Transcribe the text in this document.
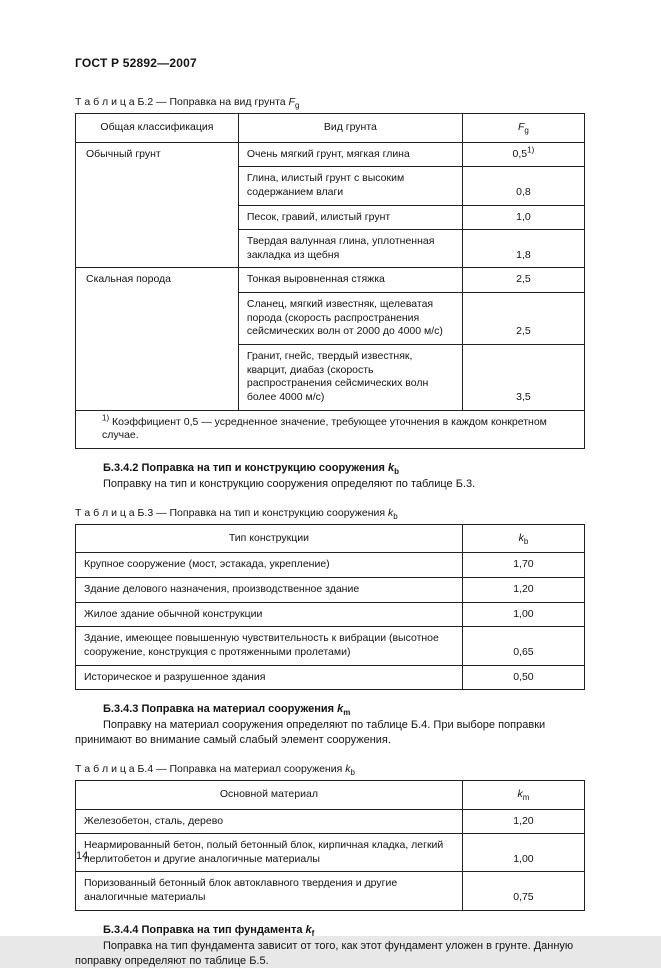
ГОСТ Р 52892—2007

Т а б л и ц а Б.2 — Поправка на вид грунта $F_g$

Общая классификация	Вид грунта	$F_g$
Обычный грунт	Очень мягкий грунт, мягкая глина	0,5$^{1)}$
	Глина, илистый грунт с высоким содержанием влаги	0,8
	Песок, гравий, илистый грунт	1,0
	Твердая валунная глина, уплотненная закладка из щебня	1,8
Скальная порода	Тонкая выровненная стяжка	2,5
	Сланец, мягкий известняк, щелеватая порода (скорость распространения сейсмических волн от 2000 до 4000 м/с)	2,5
	Гранит, гнейс, твердый известняк, кварцит, диабаз (скорость распространения сейсмических волн более 4000 м/с)	3,5
$^{1)}$ Коэффициент 0,5 — усредненное значение, требующее уточнения в каждом конкретном случае.		

Б.3.4.2 Поправка на тип и конструкцию сооружения $k_b$

Поправку на тип и конструкцию сооружения определяют по таблице Б.3.

Т а б л и ц а Б.3 — Поправка на тип и конструкцию сооружения $k_b$

Тип конструкции	$k_b$
Крупное сооружение (мост, эстакада, укрепление)	1,70
Здание делового назначения, производственное здание	1,20
Жилое здание обычной конструкции	1,00
Здание, имеющее повышенную чувствительность к вибрации (высотное сооружение, конструкция с протяженными пролетами)	0,65
Историческое и разрушенное здания	0,50

Б.3.4.3 Поправка на материал сооружения $k_m$

Поправку на материал сооружения определяют по таблице Б.4. При выборе поправки принимают во внимание самый слабый элемент сооружения.

Т а б л и ц а Б.4 — Поправка на материал сооружения $k_b$

Основной материал	$k_m$
Железобетон, сталь, дерево	1,20
Неармированный бетон, полый бетонный блок, кирпичная кладка, легкий перлитобетон и другие аналогичные материалы	1,00
Поризованный бетонный блок автоклавного твердения и другие аналогичные материалы	0,75

Б.3.4.4 Поправка на тип фундамента $k_f$

Поправка на тип фундамента зависит от того, как этот фундамент уложен в грунте. Данную поправку определяют по таблице Б.5.

14
